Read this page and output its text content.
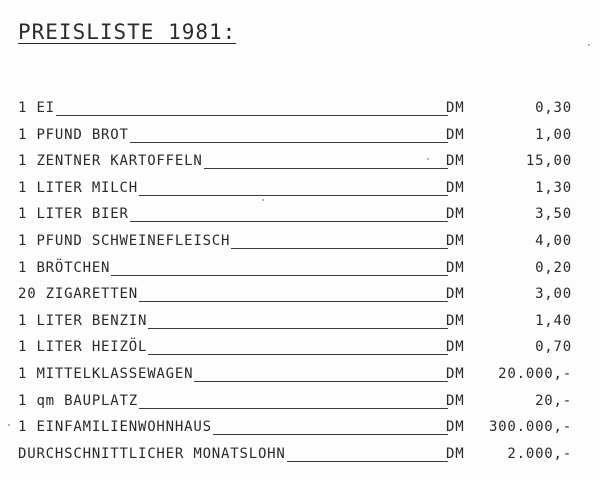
PREISLISTE 1981:
1 EI	DM	0,30
1 PFUND BROT	DM	1,00
1 ZENTNER KARTOFFELN	DM	15,00
1 LITER MILCH	DM	1,30
1 LITER BIER	DM	3,50
1 PFUND SCHWEINEFLEISCH	DM	4,00
1 BRÖTCHEN	DM	0,20
20 ZIGARETTEN	DM	3,00
1 LITER BENZIN	DM	1,40
1 LITER HEIZÖL	DM	0,70
1 MITTELKLASSEWAGEN	DM 20.000,-
1 qm BAUPLATZ	DM	20,-
1 EINFAMILIENWOHNHAUS	DM 300.000,-
DURCHSCHNITTLICHER MONATSLOHN	DM	2.000,-
